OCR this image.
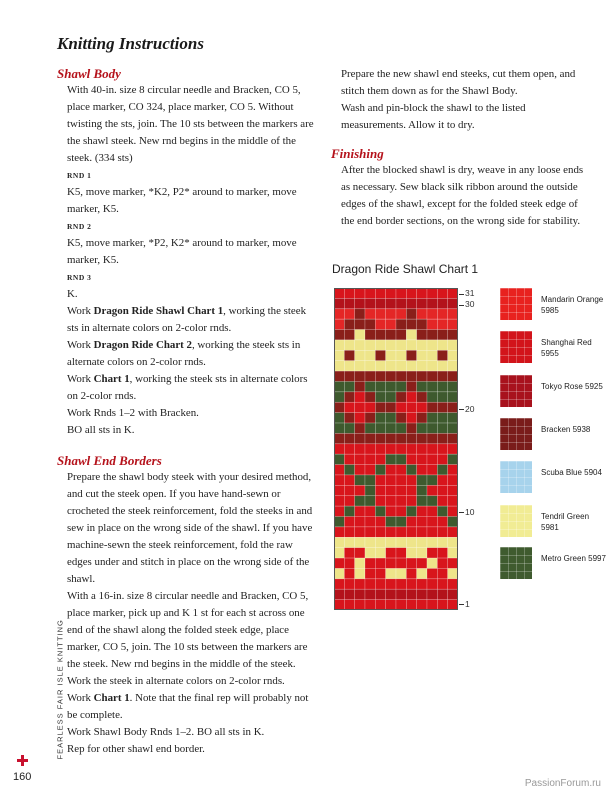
Knitting Instructions

Shawl Body

With 40-in. size 8 circular needle and Bracken, CO 5, place marker, CO 324, place marker, CO 5. Without twisting the sts, join. The 10 sts between the markers are the shawl steek. New rnd begins in the middle of the steek. (334 sts)

RND 1

K5, move marker, *K2, P2* around to marker, move marker, K5.

RND 2

K5, move marker, *P2, K2* around to marker, move marker, K5.

RND 3

K.

Work Dragon Ride Shawl Chart 1, working the steek sts in alternate colors on 2-color rnds.

Work Dragon Ride Chart 2, working the steek sts in alternate colors on 2-color rnds.

Work Chart 1, working the steek sts in alternate colors on 2-color rnds.

Work Rnds 1–2 with Bracken.

BO all sts in K.

Shawl End Borders

Prepare the shawl body steek with your desired method, and cut the steek open. If you have hand-sewn or crocheted the steek reinforcement, fold the steeks in and sew in place on the wrong side of the shawl. If you have machine-sewn the steek reinforcement, fold the raw edges under and stitch in place on the wrong side of the shawl.

With a 16-in. size 8 circular needle and Bracken, CO 5, place marker, pick up and K 1 st for each st across one end of the shawl along the folded steek edge, place marker, CO 5, join. The 10 sts between the markers are the steek. New rnd begins in the middle of the steek.

Work the steek in alternate colors on 2-color rnds.

Work Chart 1. Note that the final rep will probably not be complete.

Work Shawl Body Rnds 1–2. BO all sts in K.

Rep for other shawl end border.

Prepare the new shawl end steeks, cut them open, and stitch them down as for the Shawl Body.

Wash and pin-block the shawl to the listed measurements. Allow it to dry.

Finishing

After the blocked shawl is dry, weave in any loose ends as necessary. Sew black silk ribbon around the outside edges of the shawl, except for the folded steek edge of the end border sections, on the wrong side for stability.

Dragon Ride Shawl Chart 1
31
30
20
10
1
Mandarin Orange 5985
Shanghai Red 5955
Tokyo Rose 5925
Bracken 5938
Scuba Blue 5904
Tendril Green 5981
Metro Green 5997
FEARLESS FAIR ISLE KNITTING
160
PassionForum.ru
